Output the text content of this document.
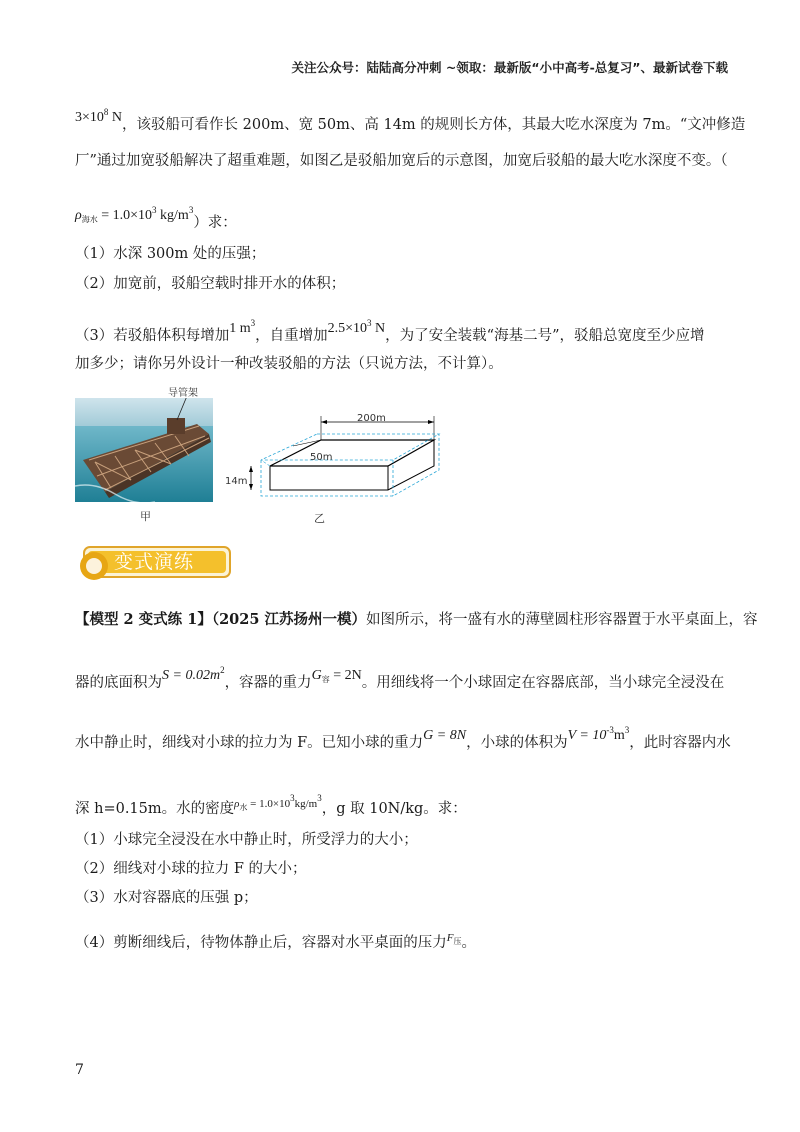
关注公众号：陆陆高分冲刺 ~领取：最新版“小中高考-总复习”、最新试卷下载
$3\times 10^8$ N，该驳船可看作长 200m、宽 50m、高 14m 的规则长方体，其最大吃水深度为 7m。“文冲修造
厂”通过加宽驳船解决了超重难题，如图乙是驳船加宽后的示意图，加宽后驳船的最大吃水深度不变。（
$\rho_{海水} = 1.0\times 10^3$ $kg/m^3$）求：
（1）水深 300m 处的压强；
（2）加宽前，驳船空载时排开水的体积；
（3）若驳船体积每增加1 $m^3$，自重增加$2.5\times 10^3$ N，为了安全装载“海基二号”，驳船总宽度至少应增
加多少；请你另外设计一种改装驳船的方法（只说方法，不计算）。
导管架
甲
200m
50m
14m
乙
变式演练
【模型 2 变式练 1】（2025 江苏扬州一模）如图所示，将一盛有水的薄壁圆柱形容器置于水平桌面上，容
器的底面积为$S = 0.02m^2$，容器的重力$G_容 = 2N$。用细线将一个小球固定在容器底部，当小球完全浸没在
水中静止时，细线对小球的拉力为 F。已知小球的重力G = 8N，小球的体积为$V = 10^{-3}m^3$，此时容器内水
深 h=0.15m。水的密度$^{\rho_水 = 1.0\times 10^3kg/m^3}$，g 取 10N/kg。求：
（1）小球完全浸没在水中静止时，所受浮力的大小；
（2）细线对小球的拉力 F 的大小；
（3）水对容器底的压强 p；
（4）剪断细线后，待物体静止后，容器对水平桌面的压力$^{F_压}$。
7
